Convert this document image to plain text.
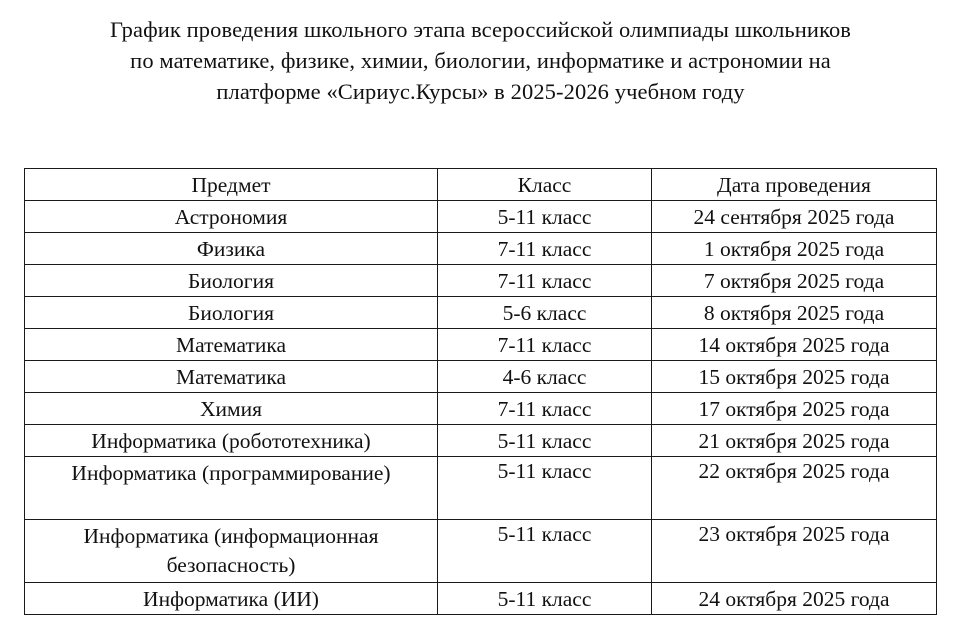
График проведения школьного этапа всероссийской олимпиады школьников
по математике, физике, химии, биологии, информатике и астрономии на
платформе «Сириус.Курсы» в 2025-2026 учебном году
Предмет	Класс	Дата проведения
Астрономия	5-11 класс	24 сентября 2025 года
Физика	7-11 класс	1 октября 2025 года
Биология	7-11 класс	7 октября 2025 года
Биология	5-6 класс	8 октября 2025 года
Математика	7-11 класс	14 октября 2025 года
Математика	4-6 класс	15 октября 2025 года
Химия	7-11 класс	17 октября 2025 года
Информатика (робототехника)	5-11 класс	21 октября 2025 года
Информатика (программирование)	5-11 класс	22 октября 2025 года
Информатика (информационная безопасность)	5-11 класс	23 октября 2025 года
Информатика (ИИ)	5-11 класс	24 октября 2025 года
